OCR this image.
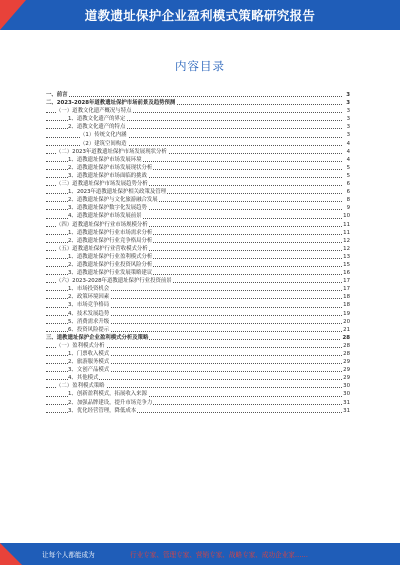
道教遗址保护企业盈利模式策略研究报告
内容目录
一、前言	3
二、2023-2028年道教遗址保护市场前景及趋势预测	3
（一）道教文化遗产概况与特点	3
1、道教文化遗产的界定	3
2、道教文化遗产的特点	3
（1）传统文化内涵	3
（2）建筑空间构造	4
（二）2023年道教遗址保护市场发展现状分析	4
1、道教遗址保护市场发展环境	4
2、道教遗址保护市场发展现状分析	5
3、道教遗址保护市场面临的挑战	5
（三）道教遗址保护市场发展趋势分析	6
1、2023年道教遗址保护相关政策及管理	6
2、道教遗址保护与文化旅游融合发展	8
3、道教遗址保护数字化发展趋势	9
4、道教遗址保护市场发展前景	10
（四）道教遗址保护行业市场规模分析	11
1、道教遗址保护行业市场需求分析	11
2、道教遗址保护行业竞争格局分析	12
（五）道教遗址保护行业营收模式分析	12
1、道教遗址保护行业盈利模式分析	13
2、道教遗址保护行业投资风险分析	15
3、道教遗址保护行业发展策略建议	16
（六）2023-2028年道教遗址保护行业投资前景	17
1、市场投资机会	17
2、政策环境因素	18
3、市场竞争格局	18
4、技术发展趋势	19
5、消费需求升级	20
6、投资风险提示	21
三、道教遗址保护企业盈利模式分析及策略	28
（一）盈利模式分析	28
1、门票收入模式	28
2、旅游服务模式	29
3、文创产品模式	29
4、其他模式	29
（二）盈利模式策略	30
1、创新盈利模式，拓展收入来源	30
2、加强品牌建设，提升市场竞争力	31
3、优化经营管理，降低成本	31
让每个人都能成为	行业专家、管理专家、营销专家、战略专家、成功企业家……
